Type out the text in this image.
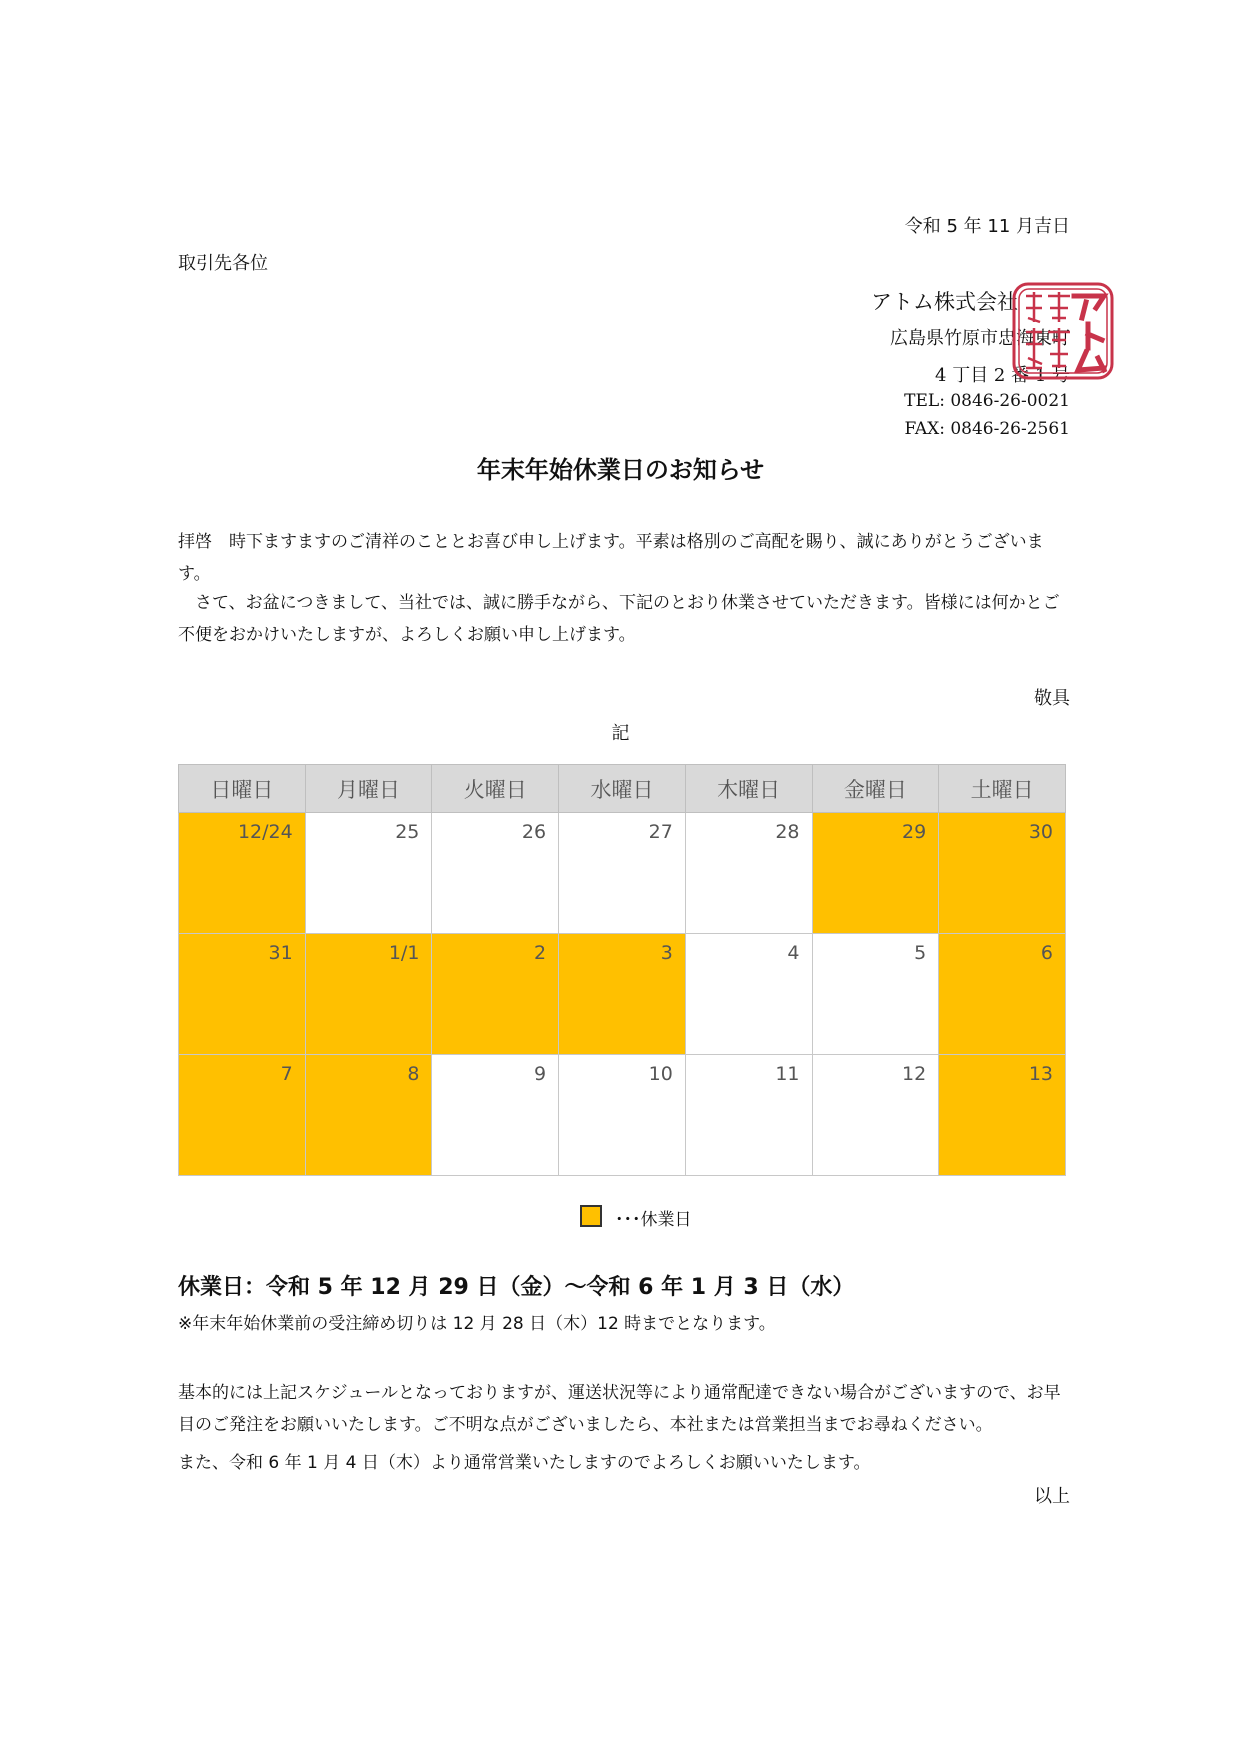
令和 5 年 11 月吉日
取引先各位
アトム株式会社
広島県竹原市忠海東町
4 丁目 2 番 1 号
TEL: 0846-26-0021
FAX: 0846-26-2561
年末年始休業日のお知らせ
拝啓　時下ますますのご清祥のこととお喜び申し上げます。平素は格別のご高配を賜り、誠にありがとうございます。
　さて、お盆につきまして、当社では、誠に勝手ながら、下記のとおり休業させていただきます。皆様には何かとご不便をおかけいたしますが、よろしくお願い申し上げます。
敬具
記
日曜日	月曜日	火曜日	水曜日	木曜日	金曜日	土曜日
12/24	25	26	27	28	29	30
31	1/1	2	3	4	5	6
7	8	9	10	11	12	13
･･･休業日
休業日：令和 5 年 12 月 29 日（金）～令和 6 年 1 月 3 日（水）
※年末年始休業前の受注締め切りは 12 月 28 日（木）12 時までとなります。
基本的には上記スケジュールとなっておりますが、運送状況等により通常配達できない場合がございますので、お早目のご発注をお願いいたします。ご不明な点がございましたら、本社または営業担当までお尋ねください。
また、令和 6 年 1 月 4 日（木）より通常営業いたしますのでよろしくお願いいたします。
以上
